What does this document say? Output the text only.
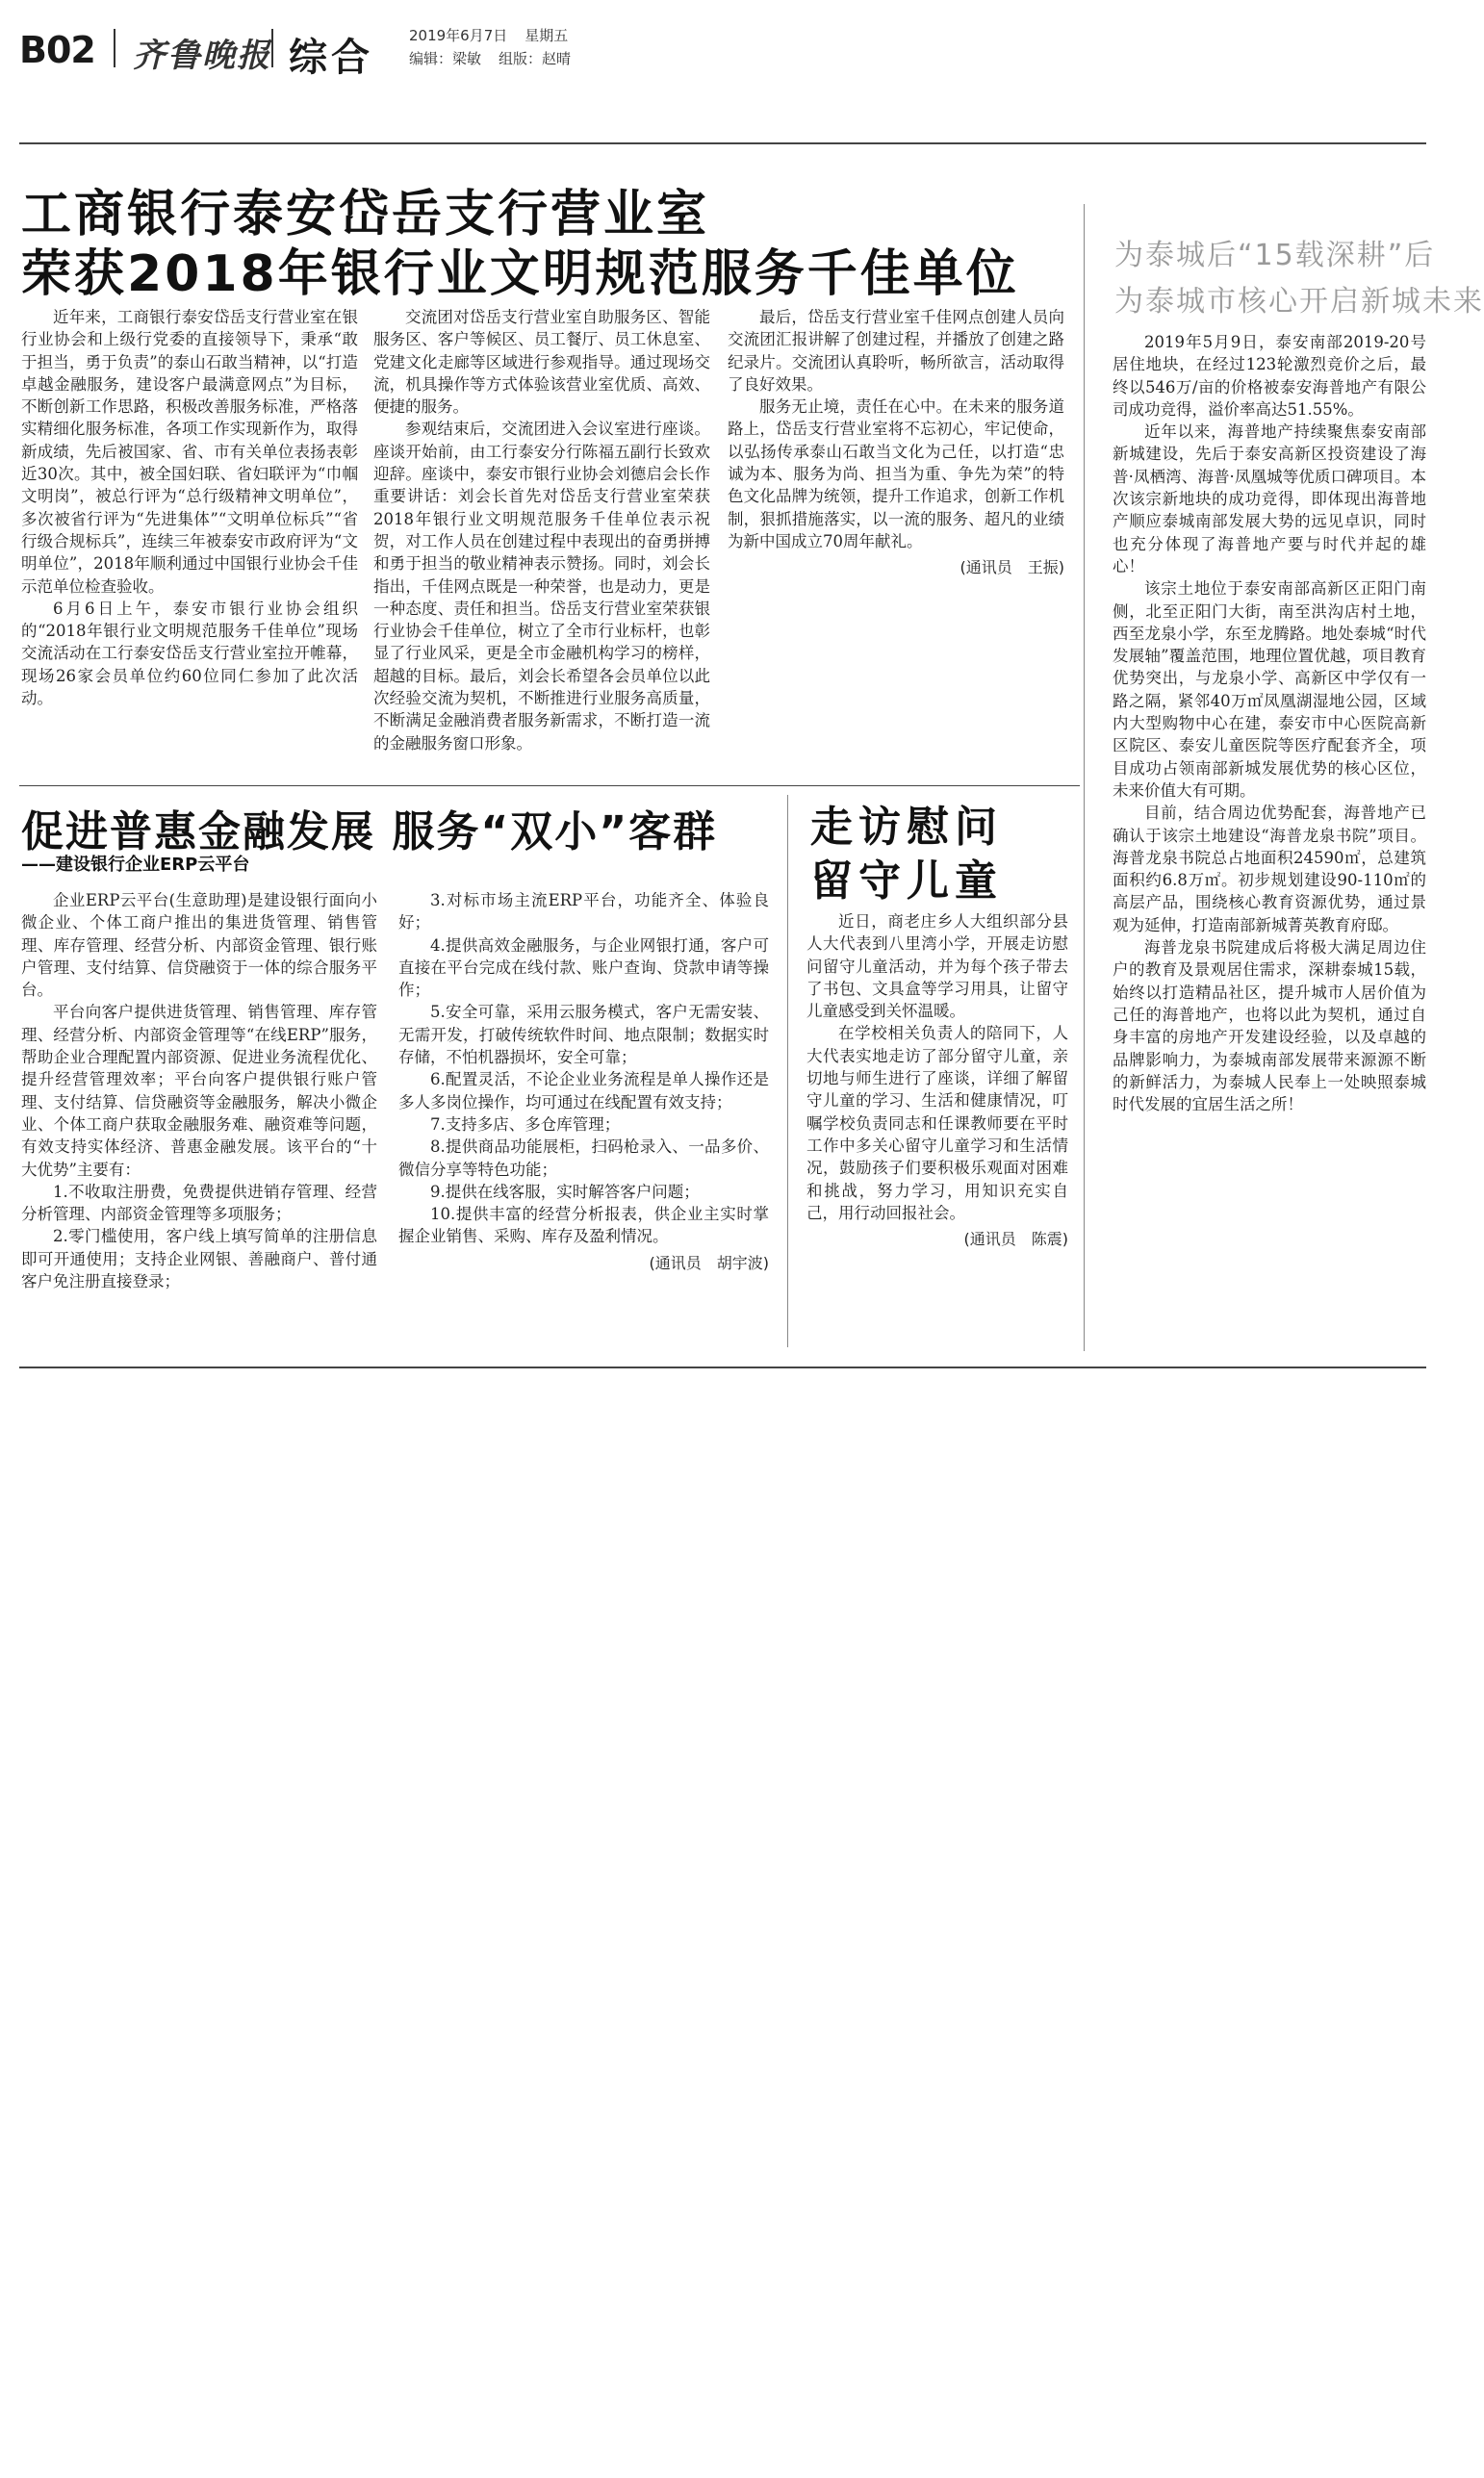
B02 齐鲁晚报 综合 2019年6月7日 星期五
编辑：梁敏 组版：赵晴
工商银行泰安岱岳支行营业室
荣获2018年银行业文明规范服务千佳单位

近年来，工商银行泰安岱岳支行营业室在银行业协会和上级行党委的直接领导下，秉承“敢于担当，勇于负责”的泰山石敢当精神，以“打造卓越金融服务，建设客户最满意网点”为目标，不断创新工作思路，积极改善服务标准，严格落实精细化服务标准，各项工作实现新作为，取得新成绩，先后被国家、省、市有关单位表扬表彰近30次。其中，被全国妇联、省妇联评为“巾帼文明岗”，被总行评为“总行级精神文明单位”，多次被省行评为“先进集体”“文明单位标兵”“省行级合规标兵”，连续三年被泰安市政府评为“文明单位”，2018年顺利通过中国银行业协会千佳示范单位检查验收。

6月6日上午，泰安市银行业协会组织的“2018年银行业文明规范服务千佳单位”现场交流活动在工行泰安岱岳支行营业室拉开帷幕，现场26家会员单位约60位同仁参加了此次活动。

交流团对岱岳支行营业室自助服务区、智能服务区、客户等候区、员工餐厅、员工休息室、党建文化走廊等区域进行参观指导。通过现场交流，机具操作等方式体验该营业室优质、高效、便捷的服务。

参观结束后，交流团进入会议室进行座谈。座谈开始前，由工行泰安分行陈福五副行长致欢迎辞。座谈中，泰安市银行业协会刘德启会长作重要讲话：刘会长首先对岱岳支行营业室荣获2018年银行业文明规范服务千佳单位表示祝贺，对工作人员在创建过程中表现出的奋勇拼搏和勇于担当的敬业精神表示赞扬。同时，刘会长指出，千佳网点既是一种荣誉，也是动力，更是一种态度、责任和担当。岱岳支行营业室荣获银行业协会千佳单位，树立了全市行业标杆，也彰显了行业风采，更是全市金融机构学习的榜样，超越的目标。最后，刘会长希望各会员单位以此次经验交流为契机，不断推进行业服务高质量，不断满足金融消费者服务新需求，不断打造一流的金融服务窗口形象。

最后，岱岳支行营业室千佳网点创建人员向交流团汇报讲解了创建过程，并播放了创建之路纪录片。交流团认真聆听，畅所欲言，活动取得了良好效果。

服务无止境，责任在心中。在未来的服务道路上，岱岳支行营业室将不忘初心，牢记使命，以弘扬传承泰山石敢当文化为己任，以打造“忠诚为本、服务为尚、担当为重、争先为荣”的特色文化品牌为统领，提升工作追求，创新工作机制，狠抓措施落实，以一流的服务、超凡的业绩为新中国成立70周年献礼。

(通讯员　王振)
促进普惠金融发展 服务“双小”客群
——建设银行企业ERP云平台

企业ERP云平台(生意助理)是建设银行面向小微企业、个体工商户推出的集进货管理、销售管理、库存管理、经营分析、内部资金管理、银行账户管理、支付结算、信贷融资于一体的综合服务平台。

平台向客户提供进货管理、销售管理、库存管理、经营分析、内部资金管理等“在线ERP”服务，帮助企业合理配置内部资源、促进业务流程优化、提升经营管理效率；平台向客户提供银行账户管理、支付结算、信贷融资等金融服务，解决小微企业、个体工商户获取金融服务难、融资难等问题，有效支持实体经济、普惠金融发展。该平台的“十大优势”主要有：

1.不收取注册费，免费提供进销存管理、经营分析管理、内部资金管理等多项服务；

2.零门槛使用，客户线上填写简单的注册信息即可开通使用；支持企业网银、善融商户、普付通客户免注册直接登录；

3.对标市场主流ERP平台，功能齐全、体验良好；

4.提供高效金融服务，与企业网银打通，客户可直接在平台完成在线付款、账户查询、贷款申请等操作；

5.安全可靠，采用云服务模式，客户无需安装、无需开发，打破传统软件时间、地点限制；数据实时存储，不怕机器损坏，安全可靠；

6.配置灵活，不论企业业务流程是单人操作还是多人多岗位操作，均可通过在线配置有效支持；

7.支持多店、多仓库管理；

8.提供商品功能展柜，扫码枪录入、一品多价、微信分享等特色功能；

9.提供在线客服，实时解答客户问题；

10.提供丰富的经营分析报表，供企业主实时掌握企业销售、采购、库存及盈利情况。

(通讯员　胡宇波)
走访慰问
留守儿童

近日，商老庄乡人大组织部分县人大代表到八里湾小学，开展走访慰问留守儿童活动，并为每个孩子带去了书包、文具盒等学习用具，让留守儿童感受到关怀温暖。

在学校相关负责人的陪同下，人大代表实地走访了部分留守儿童，亲切地与师生进行了座谈，详细了解留守儿童的学习、生活和健康情况，叮嘱学校负责同志和任课教师要在平时工作中多关心留守儿童学习和生活情况，鼓励孩子们要积极乐观面对困难和挑战，努力学习，用知识充实自己，用行动回报社会。

(通讯员　陈震)
为泰城后“15载深耕”后
为泰城市核心开启新城未来

2019年5月9日，泰安南部2019-20号居住地块，在经过123轮激烈竞价之后，最终以546万/亩的价格被泰安海普地产有限公司成功竞得，溢价率高达51.55%。

近年以来，海普地产持续聚焦泰安南部新城建设，先后于泰安高新区投资建设了海普·凤栖湾、海普·凤凰城等优质口碑项目。本次该宗新地块的成功竞得，即体现出海普地产顺应泰城南部发展大势的远见卓识，同时也充分体现了海普地产要与时代并起的雄心！

该宗土地位于泰安南部高新区正阳门南侧，北至正阳门大街，南至洪沟店村土地，西至龙泉小学，东至龙腾路。地处泰城“时代发展轴”覆盖范围，地理位置优越，项目教育优势突出，与龙泉小学、高新区中学仅有一路之隔，紧邻40万㎡凤凰湖湿地公园，区域内大型购物中心在建，泰安市中心医院高新区院区、泰安儿童医院等医疗配套齐全，项目成功占领南部新城发展优势的核心区位，未来价值大有可期。

目前，结合周边优势配套，海普地产已确认于该宗土地建设“海普龙泉书院”项目。海普龙泉书院总占地面积24590㎡，总建筑面积约6.8万㎡。初步规划建设90-110㎡的高层产品，围绕核心教育资源优势，通过景观为延伸，打造南部新城菁英教育府邸。

海普龙泉书院建成后将极大满足周边住户的教育及景观居住需求，深耕泰城15载，始终以打造精品社区，提升城市人居价值为己任的海普地产，也将以此为契机，通过自身丰富的房地产开发建设经验，以及卓越的品牌影响力，为泰城南部发展带来源源不断的新鲜活力，为泰城人民奉上一处映照泰城时代发展的宜居生活之所！
